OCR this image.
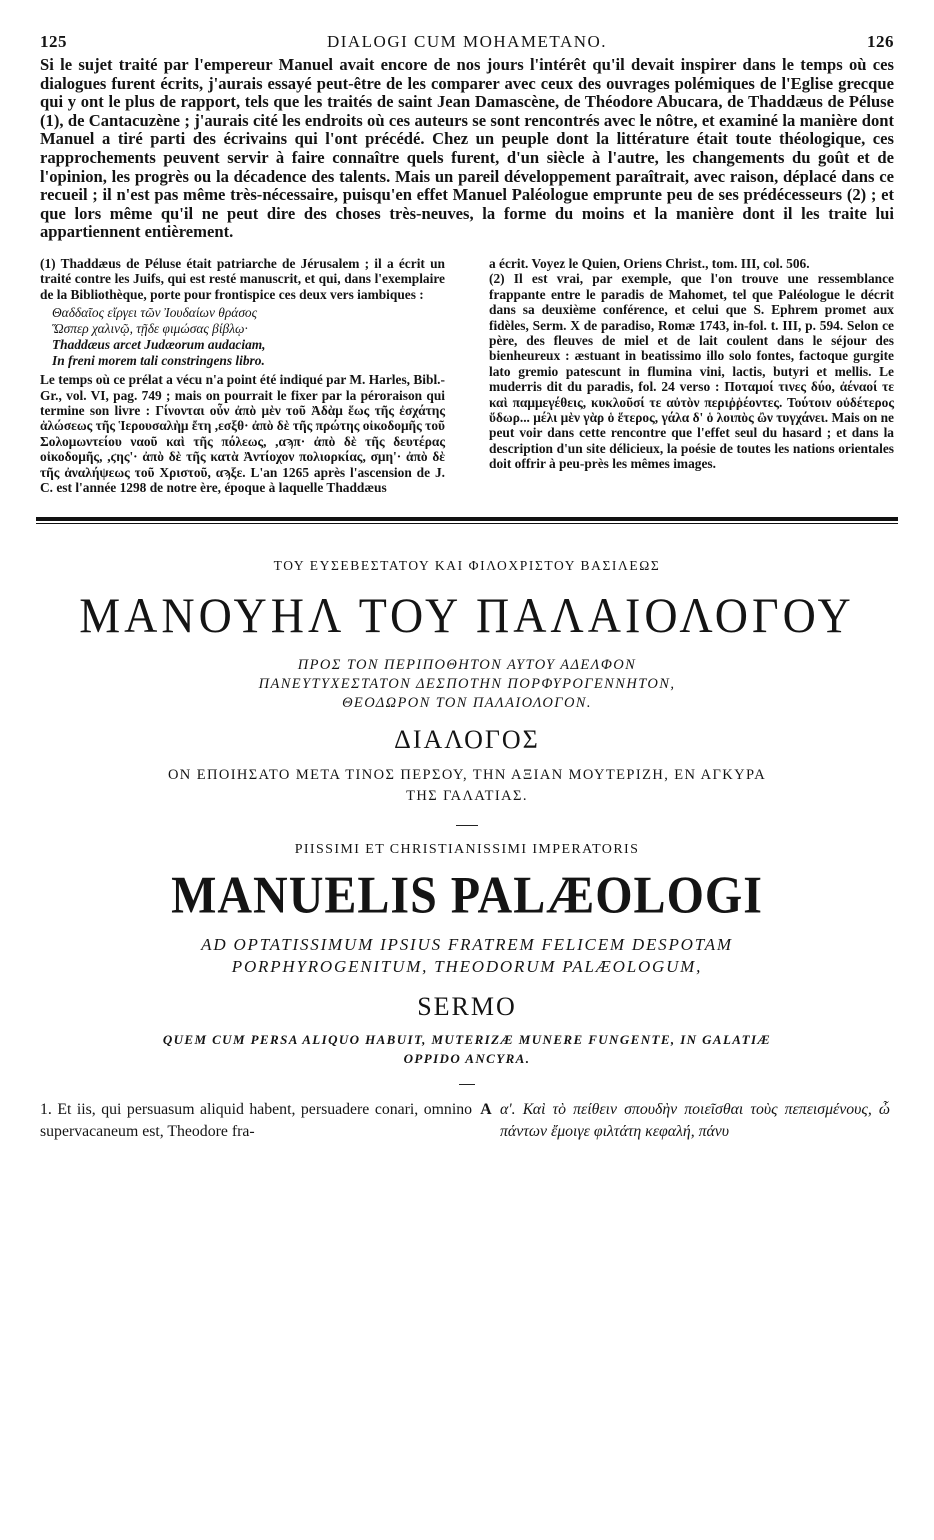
125	DIALOGI CUM MOHAMETANO.	126

Si le sujet traité par l'empereur Manuel avait encore de nos jours l'intérêt qu'il devait inspirer dans le temps où ces dialogues furent écrits, j'aurais essayé peut-être de les comparer avec ceux des ouvrages polémiques de l'Eglise grecque qui y ont le plus de rapport, tels que les traités de saint Jean Damascène, de Théodore Abucara, de Thaddæus de Péluse (1), de Cantacuzène ; j'aurais cité les endroits où ces auteurs se sont rencontrés avec le nôtre, et examiné la manière dont Manuel a tiré parti des écrivains qui l'ont précédé. Chez un peuple dont la littérature était toute théologique, ces rapprochements peuvent servir à faire connaître quels furent, d'un siècle à l'autre, les changements du goût et de l'opinion, les progrès ou la décadence des talents. Mais un pareil développement paraîtrait, avec raison, déplacé dans ce recueil ; il n'est pas même très-nécessaire, puisqu'en effet Manuel Paléologue emprunte peu de ses prédécesseurs (2) ; et que lors même qu'il ne peut dire des choses très-neuves, la forme du moins et la manière dont il les traite lui appartiennent entièrement.

(1) Thaddæus de Péluse était patriarche de Jérusalem ; il a écrit un traité contre les Juifs, qui est resté manuscrit, et qui, dans l'exemplaire de la Bibliothèque, porte pour frontispice ces deux vers iambiques :

Θαδδαῖος εἴργει τῶν Ἰουδαίων θράσος
Ὥσπερ χαλινῷ, τῇδε φιμώσας βίβλῳ·
Thaddæus arcet Judæorum audaciam,
In freni morem tali constringens libro.

Le temps où ce prélat a vécu n'a point été indiqué par M. Harles, Bibl.-Gr., vol. VI, pag. 749 ; mais on pourrait le fixer par la péroraison qui termine son livre : Γίνονται οὖν ἀπὸ μὲν τοῦ Ἀδὰμ ἕως τῆς ἐσχάτης ἁλώσεως τῆς Ἱερουσαλὴμ ἔτη ,εσξθ· ἀπὸ δὲ τῆς πρώτης οἰκοδομῆς τοῦ Σολομωντείου ναοῦ καὶ τῆς πόλεως, ,αϡπ· ἀπὸ δὲ τῆς δευτέρας οἰκοδομῆς, ,ϛης'· ἀπὸ δὲ τῆς κατὰ Ἀντίοχον πολιορκίας, σμη'· ἀπὸ δὲ τῆς ἀναλήψεως τοῦ Χριστοῦ, αϡξε. L'an 1265 après l'ascension de J. C. est l'année 1298 de notre ère, époque à laquelle Thaddæus

a écrit. Voyez le Quien, Oriens Christ., tom. III, col. 506.

(2) Il est vrai, par exemple, que l'on trouve une ressemblance frappante entre le paradis de Mahomet, tel que Paléologue le décrit dans sa deuxième conférence, et celui que S. Ephrem promet aux fidèles, Serm. X de paradiso, Romæ 1743, in-fol. t. III, p. 594. Selon ce père, des fleuves de miel et de lait coulent dans le séjour des bienheureux : æstuant in beatissimo illo solo fontes, factoque gurgite lato gremio patescunt in flumina vini, lactis, butyri et mellis. Le muderris dit du paradis, fol. 24 verso : Ποταμοί τινες δύο, ἀέναοί τε καὶ παμμεγέθεις, κυκλοῦσί τε αὐτὸν περιῤῥέοντες. Τούτοιν οὐδέτερος ὕδωρ... μέλι μὲν γὰρ ὁ ἕτερος, γάλα δ' ὁ λοιπὸς ὢν τυγχάνει. Mais on ne peut voir dans cette rencontre que l'effet seul du hasard ; et dans la description d'un site délicieux, la poésie de toutes les nations orientales doit offrir à peu-près les mêmes images.

ΤΟΥ ΕΥΣΕΒΕΣΤΑΤΟΥ ΚΑΙ ΦΙΛΟΧΡΙΣΤΟΥ ΒΑΣΙΛΕΩΣ
ΜΑΝΟΥΗΛ ΤΟΥ ΠΑΛΑΙΟΛΟΓΟΥ
ΠΡΟΣ ΤΟΝ ΠΕΡΙΠΟΘΗΤΟΝ ΑΥΤΟΥ ΑΔΕΛΦΟΝ
ΠΑΝΕΥΤΥΧΕΣΤΑΤΟΝ ΔΕΣΠΟΤΗΝ ΠΟΡΦΥΡΟΓΕΝΝΗΤΟΝ,
ΘΕΟΔΩΡΟΝ ΤΟΝ ΠΑΛΑΙΟΛΟΓΟΝ.
ΔΙΑΛΟΓΟΣ
ΟΝ ΕΠΟΙΗΣΑΤΟ ΜΕΤΑ ΤΙΝΟΣ ΠΕΡΣΟΥ, ΤΗΝ ΑΞΙΑΝ ΜΟΥΤΕΡΙΖΗ, ΕΝ ΑΓΚΥΡΑ
ΤΗΣ ΓΑΛΑΤΙΑΣ.
PIISSIMI ET CHRISTIANISSIMI IMPERATORIS
MANUELIS PALÆOLOGI
AD OPTATISSIMUM IPSIUS FRATREM FELICEM DESPOTAM
PORPHYROGENITUM, THEODORUM PALÆOLOGUM,
SERMO
QUEM CUM PERSA ALIQUO HABUIT, MUTERIZÆ MUNERE FUNGENTE, IN GALATIÆ
OPPIDO ANCYRA.
1. Et iis, qui persuasum aliquid habent, persuadere conari, omnino supervacaneum est, Theodore fra-
A α'. Καὶ τὸ πείθειν σπουδὴν ποιεῖσθαι τοὺς πεπεισμένους, ὦ πάντων ἔμοιγε φιλτάτη κεφαλή, πάνυ
